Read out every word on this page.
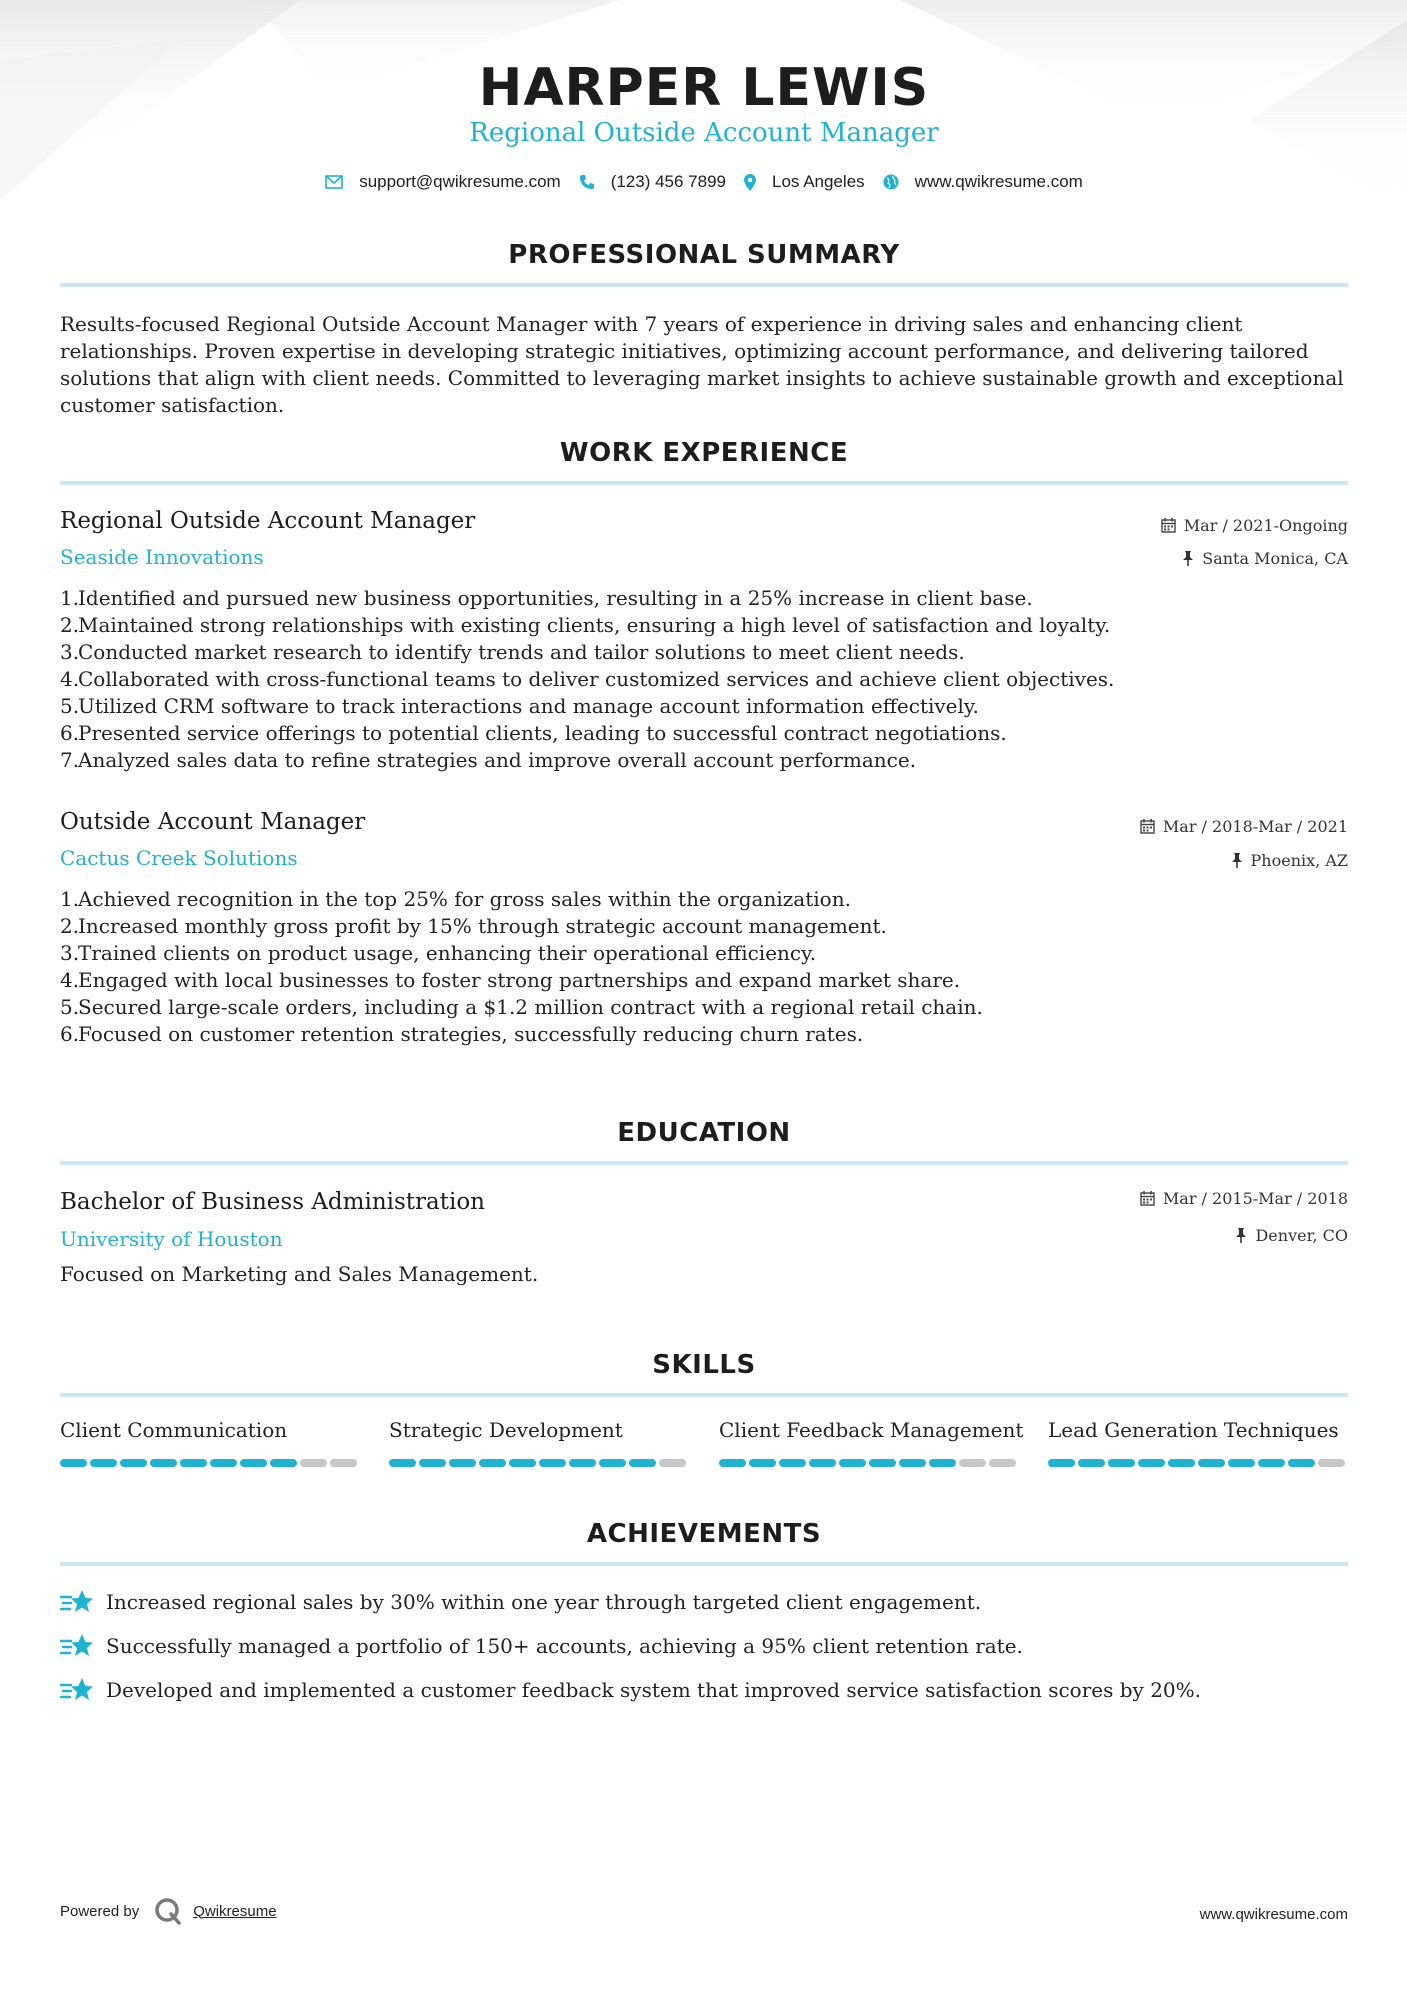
HARPER LEWIS
Regional Outside Account Manager
support@qwikresume.com	(123) 456 7899	Los Angeles	www.qwikresume.com
PROFESSIONAL SUMMARY
Results-focused Regional Outside Account Manager with 7 years of experience in driving sales and enhancing client relationships. Proven expertise in developing strategic initiatives, optimizing account performance, and delivering tailored solutions that align with client needs. Committed to leveraging market insights to achieve sustainable growth and exceptional customer satisfaction.
WORK EXPERIENCE
Regional Outside Account Manager
Seaside Innovations
Mar / 2021-Ongoing
Santa Monica, CA
1.
Identified and pursued new business opportunities, resulting in a 25% increase in client base.
2.
Maintained strong relationships with existing clients, ensuring a high level of satisfaction and loyalty.
3.
Conducted market research to identify trends and tailor solutions to meet client needs.
4.
Collaborated with cross-functional teams to deliver customized services and achieve client objectives.
5.
Utilized CRM software to track interactions and manage account information effectively.
6.
Presented service offerings to potential clients, leading to successful contract negotiations.
7.
Analyzed sales data to refine strategies and improve overall account performance.
Outside Account Manager
Cactus Creek Solutions
Mar / 2018-Mar / 2021
Phoenix, AZ
1.
Achieved recognition in the top 25% for gross sales within the organization.
2.
Increased monthly gross profit by 15% through strategic account management.
3.
Trained clients on product usage, enhancing their operational efficiency.
4.
Engaged with local businesses to foster strong partnerships and expand market share.
5.
Secured large-scale orders, including a $1.2 million contract with a regional retail chain.
6.
Focused on customer retention strategies, successfully reducing churn rates.
EDUCATION
Bachelor of Business Administration
University of Houston
Mar / 2015-Mar / 2018
Denver, CO
Focused on Marketing and Sales Management.
SKILLS
Client Communication	Strategic Development	Client Feedback Management Lead Generation Techniques
ACHIEVEMENTS
Increased regional sales by 30% within one year through targeted client engagement.
Successfully managed a portfolio of 150+ accounts, achieving a 95% client retention rate.
Developed and implemented a customer feedback system that improved service satisfaction scores by 20%.
Powered by	Qwikresume	www.qwikresume.com
